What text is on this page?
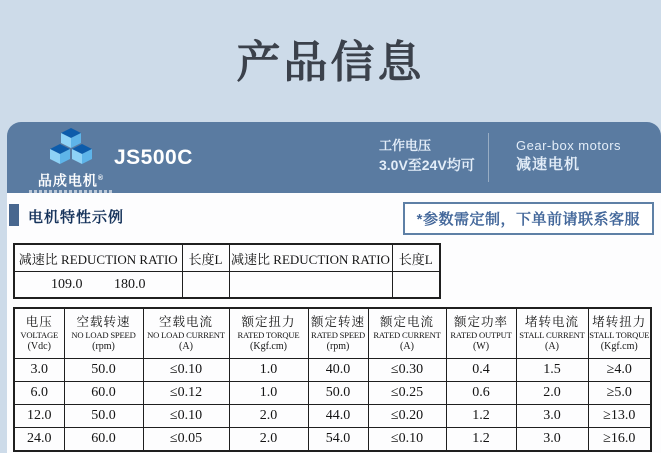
产品信息
品成电机®
JS500C
工作电压
3.0V至24V均可
Gear-box motors
减速电机
电机特性示例	*参数需定制，下单前请联系客服
减速比 REDUCTION RATIO	长度L	减速比 REDUCTION RATIO	长度L
109.0 180.0			
电压
VOLTAGE
(Vdc)

空载转速
NO LOAD SPEED
(rpm)

空载电流
NO LOAD CURRENT
(A)

额定扭力
RATED TORQUE
(Kgf.cm)

额定转速
RATED SPEED
(rpm)

额定电流
RATED CURRENT
(A)

额定功率
RATED OUTPUT
(W)

堵转电流
STALL CURRENT
(A)

堵转扭力
STALL TORQUE
(Kgf.cm)

3.0	50.0	≤0.10	1.0	40.0	≤0.30	0.4	1.5	≥4.0
6.0	60.0	≤0.12	1.0	50.0	≤0.25	0.6	2.0	≥5.0
12.0	50.0	≤0.10	2.0	44.0	≤0.20	1.2	3.0	≥13.0
24.0	60.0	≤0.05	2.0	54.0	≤0.10	1.2	3.0	≥16.0
